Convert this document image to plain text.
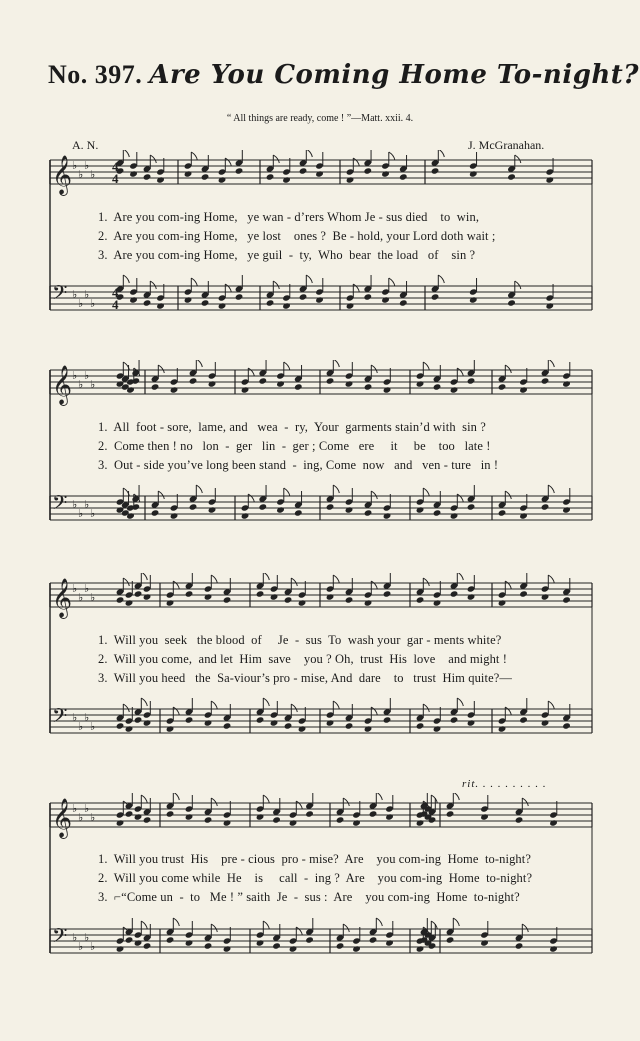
No. 397. Are You Coming Home To-night?
“ All things are ready, come ! ”—Matt. xxii. 4.
A. N.	J. McGranahan.
rit. . . . . . . . . .
𝄞 ♭
♭
♭
♭
𝄢 ♭
♭
♭
♭
4
4
4
4
1.  Are you com-ing Home,   ye wan - d’rers Whom Je - sus died    to  win,
2.  Are you com-ing Home,   ye lost    ones ?  Be - hold, your Lord doth wait ;
3.  Are you com-ing Home,   ye guil  -  ty,  Who  bear  the load   of    sin ?
𝄞 ♭
♭
♭
♭
𝄢 ♭
♭
♭
♭
1.  All  foot - sore,  lame, and   wea  -  ry,  Your  garments stain’d with  sin ?
2.  Come then ! no   lon  -  ger   lin  -  ger ; Come   ere     it     be    too   late !
3.  Out - side you’ve long been stand  -  ing, Come  now   and   ven - ture   in !
𝄞 ♭
♭
♭
♭
𝄢 ♭
♭
♭
♭
1.  Will you  seek   the blood  of     Je  -  sus  To  wash your  gar - ments white?
2.  Will you come,  and let  Him  save    you ? Oh,  trust  His  love    and might !
3.  Will you heed   the  Sa-viour’s pro - mise, And  dare    to   trust  Him quite?—
𝄞 ♭
♭
♭
♭
𝄢 ♭
♭
♭
♭
1.  Will you trust  His    pre - cious  pro - mise?  Are    you com-ing  Home  to-night?
2.  Will you come while  He    is     call  -  ing ?  Are    you com-ing  Home  to-night?
3.  ⌐“Come un  -  to   Me ! ” saith  Je  -  sus :  Are    you com-ing  Home  to-night?
